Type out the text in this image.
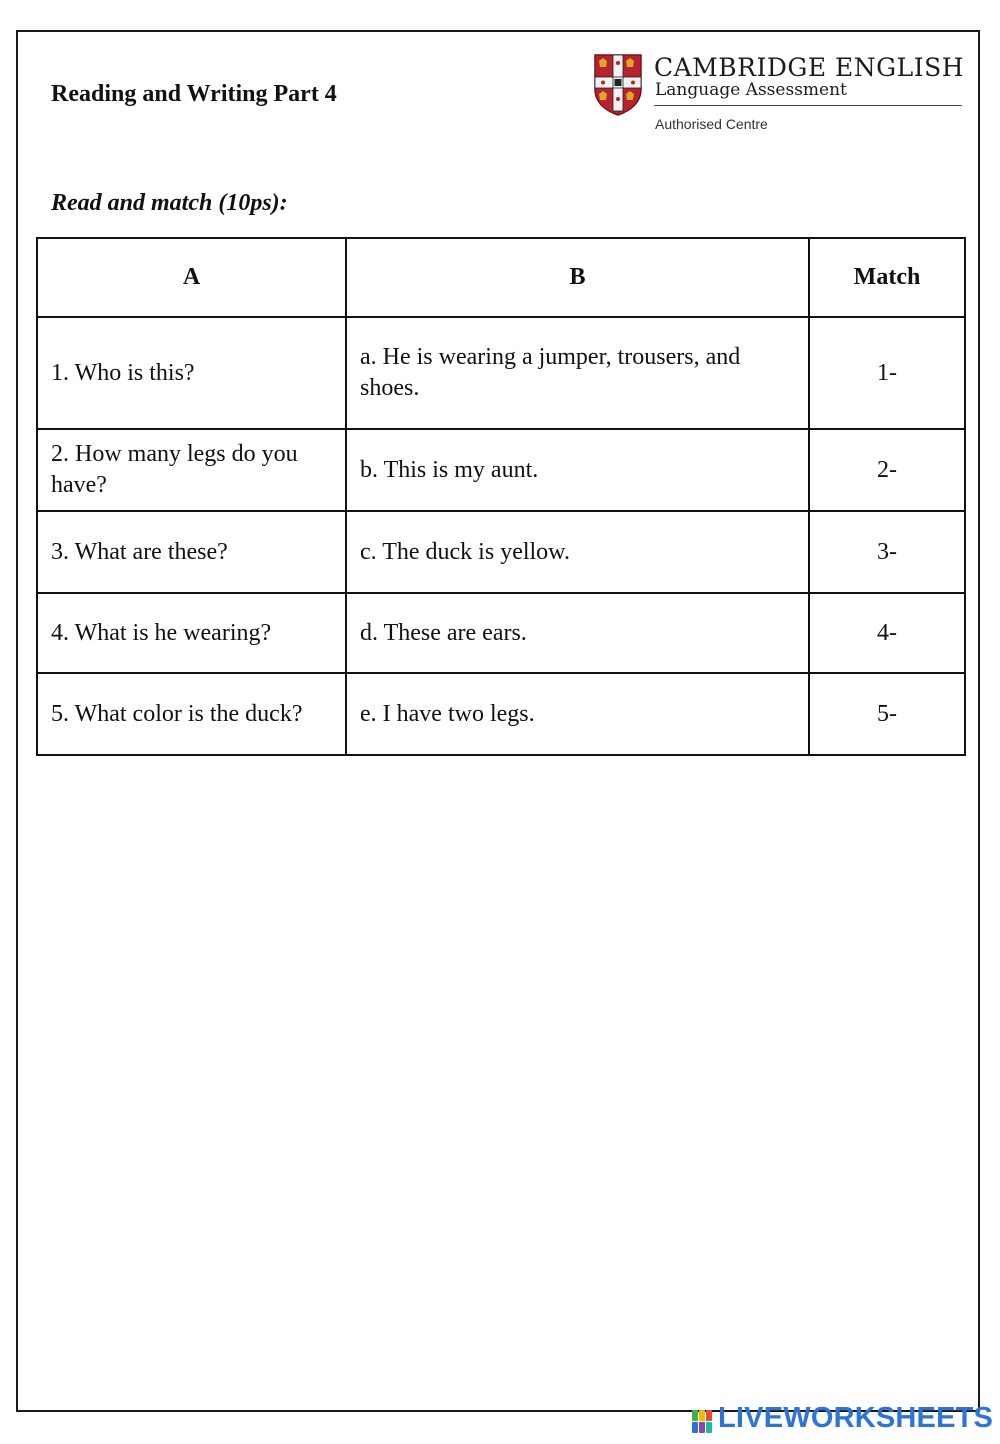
Reading and Writing Part 4
CAMBRIDGE ENGLISH
Language Assessment
Authorised Centre
Read and match (10ps):
A	B	Match
1. Who is this?	a. He is wearing a jumper, trousers, and shoes.	1-
2. How many legs do you have?	b. This is my aunt.	2-
3. What are these?	c. The duck is yellow.	3-
4. What is he wearing?	d. These are ears.	4-
5. What color is the duck?	e. I have two legs.	5-
LIVEWORKSHEETS
